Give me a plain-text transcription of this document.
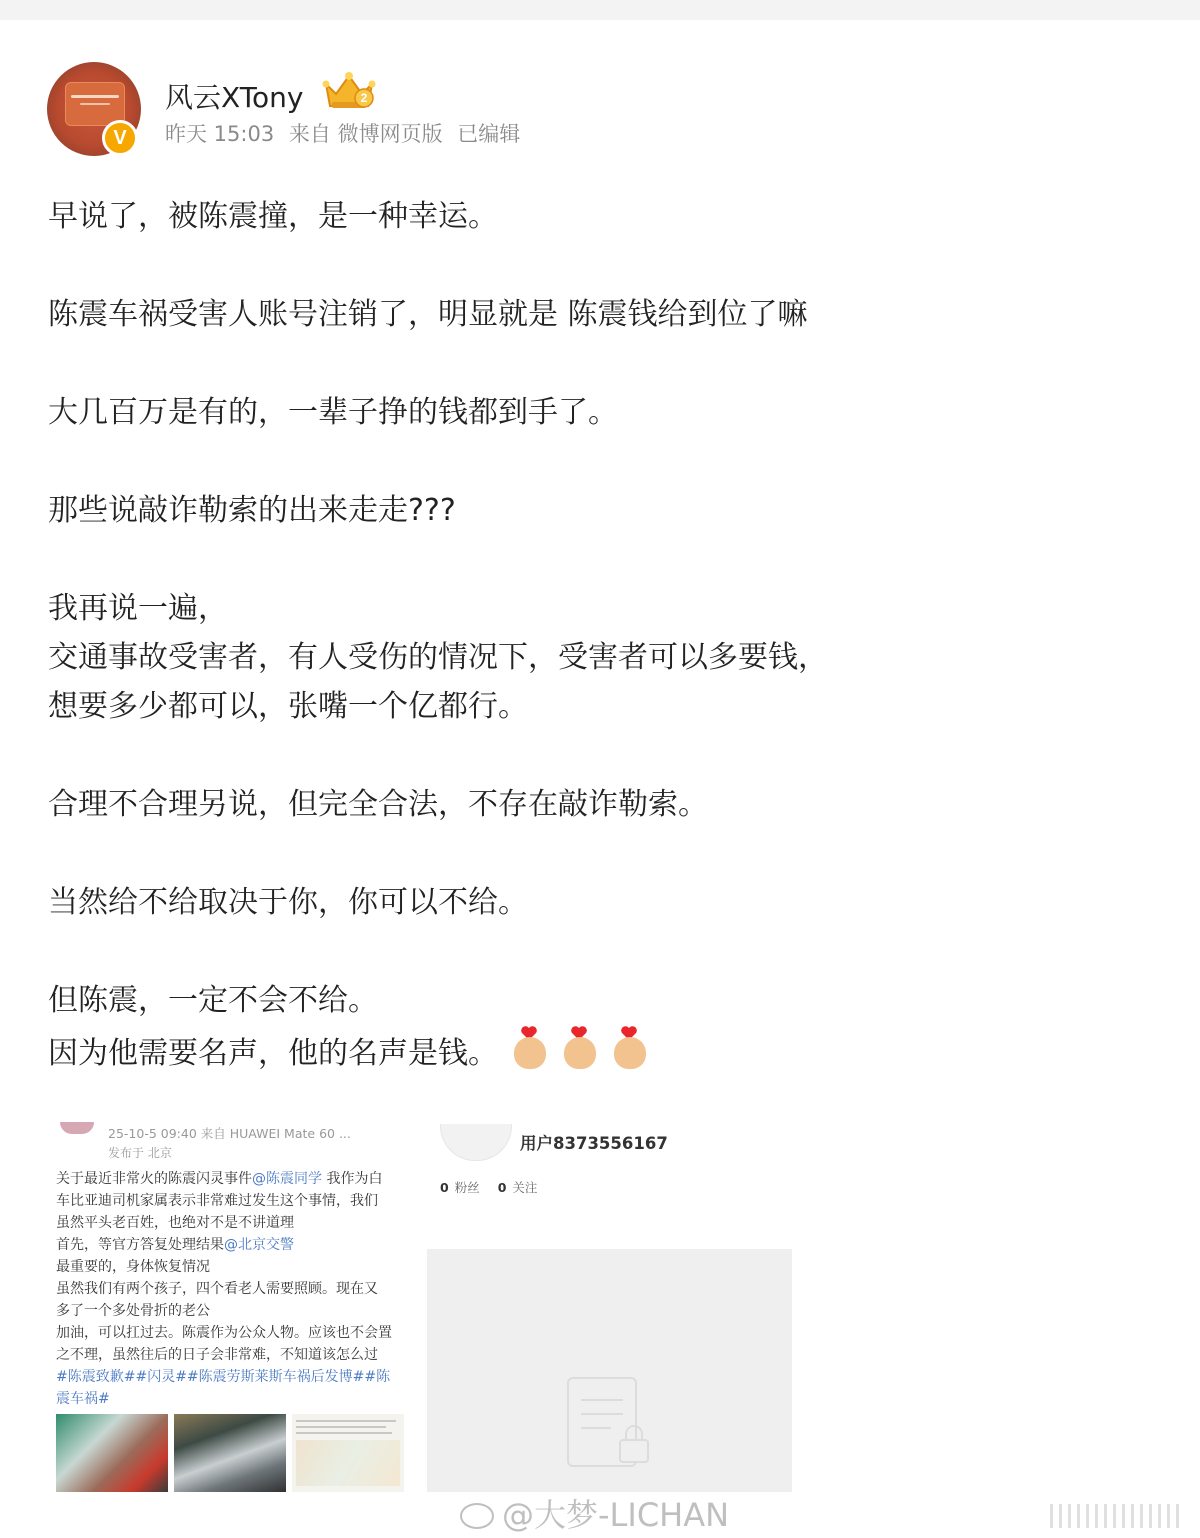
V
风云XTony	2
昨天 15:03 来自 微博网页版 已编辑

早说了，被陈震撞，是一种幸运。

陈震车祸受害人账号注销了，明显就是 陈震钱给到位了嘛

大几百万是有的，一辈子挣的钱都到手了。

那些说敲诈勒索的出来走走???

我再说一遍，
交通事故受害者，有人受伤的情况下，受害者可以多要钱，
想要多少都可以，张嘴一个亿都行。

合理不合理另说，但完全合法，不存在敲诈勒索。

当然给不给取决于你，你可以不给。

但陈震，一定不会不给。
因为他需要名声，他的名声是钱。

25-10-5 09:40 来自 HUAWEI Mate 60 ...
发布于 北京
关于最近非常火的陈震闪灵事件@陈震同学 我作为白
车比亚迪司机家属表示非常难过发生这个事情，我们
虽然平头老百姓，也绝对不是不讲道理
首先，等官方答复处理结果@北京交警
最重要的，身体恢复情况
虽然我们有两个孩子，四个看老人需要照顾。现在又
多了一个多处骨折的老公
加油，可以扛过去。陈震作为公众人物。应该也不会置
之不理，虽然往后的日子会非常难，不知道该怎么过
#陈震致歉##闪灵##陈震劳斯莱斯车祸后发博##陈
震车祸#
用户8373556167
0 粉丝 0 关注
@大梦-LICHAN
